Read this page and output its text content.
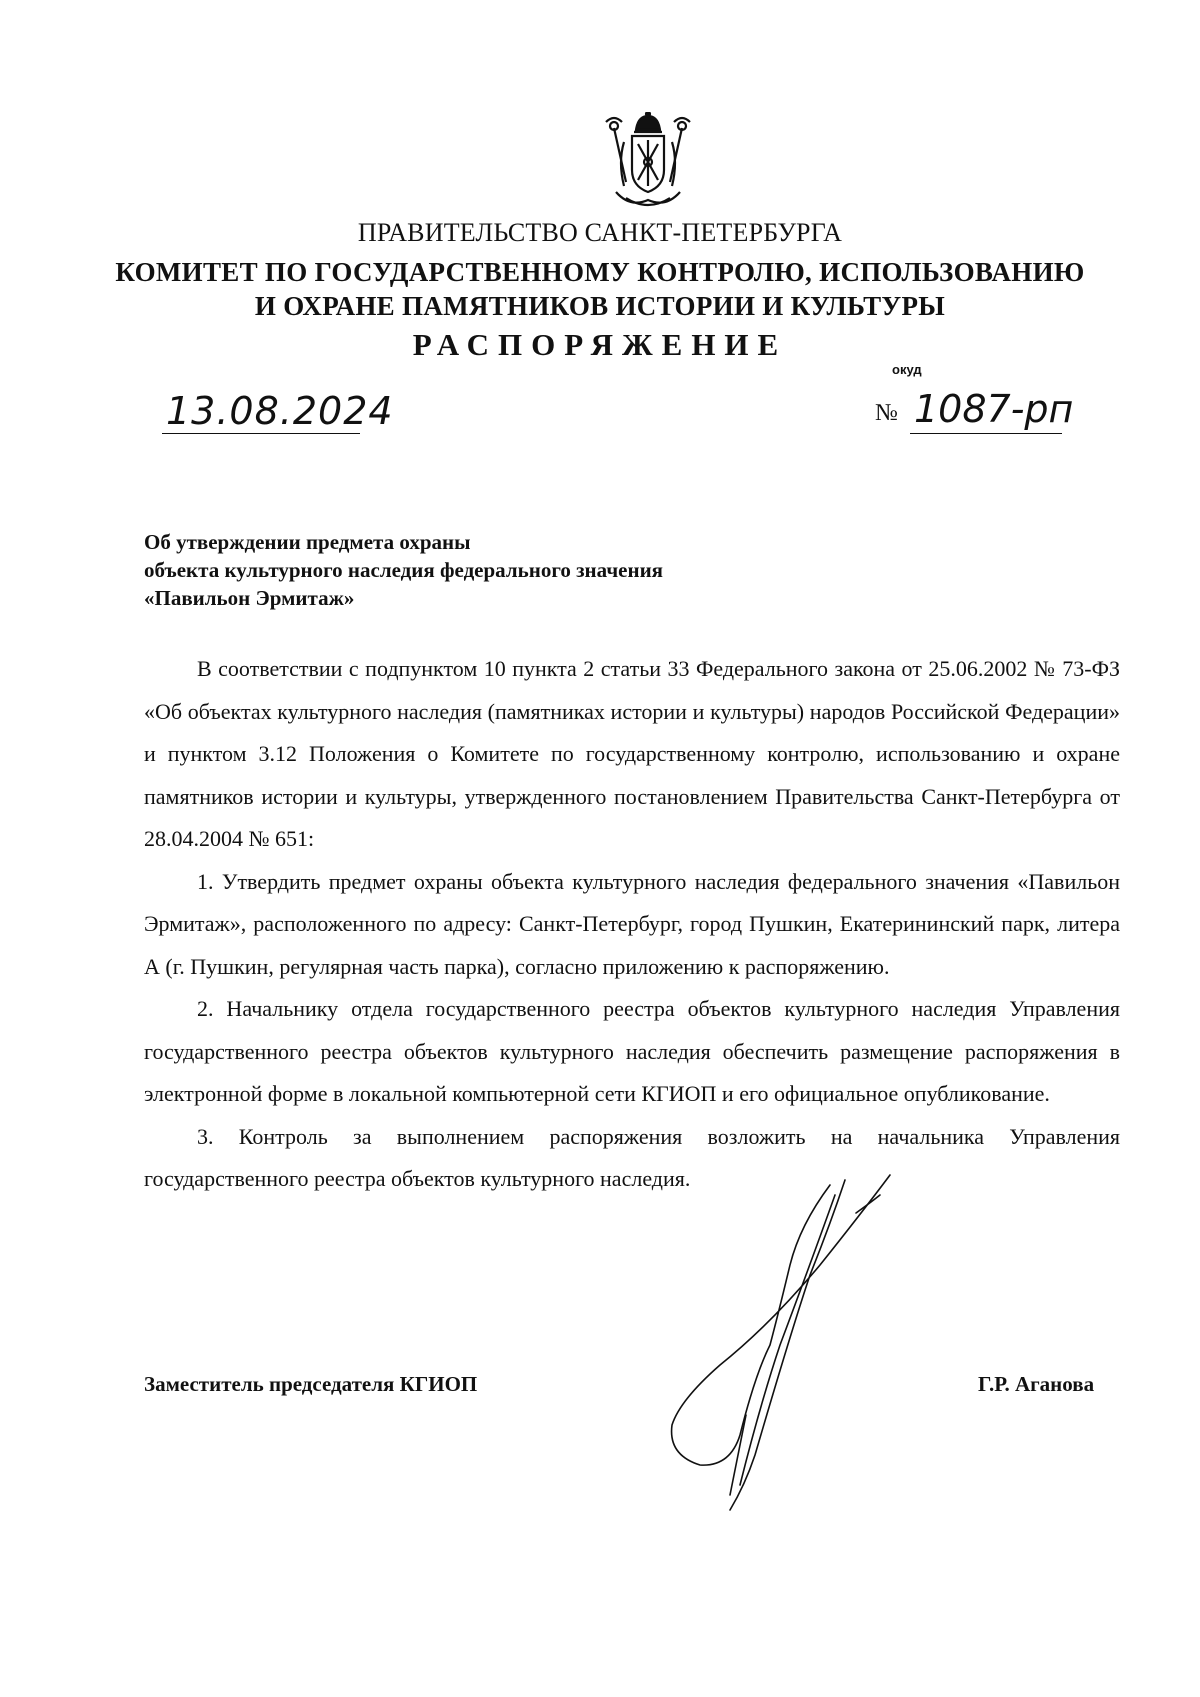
ПРАВИТЕЛЬСТВО САНКТ-ПЕТЕРБУРГА
КОМИТЕТ ПО ГОСУДАРСТВЕННОМУ КОНТРОЛЮ, ИСПОЛЬЗОВАНИЮ
И ОХРАНЕ ПАМЯТНИКОВ ИСТОРИИ И КУЛЬТУРЫ
РАСПОРЯЖЕНИЕ
окуд
13.08.2024	№ 1087-рп
Об утверждении предмета охраны
объекта культурного наследия федерального значения
«Павильон Эрмитаж»

В соответствии с подпунктом 10 пункта 2 статьи 33 Федерального закона от 25.06.2002 № 73-ФЗ «Об объектах культурного наследия (памятниках истории и культуры) народов Российской Федерации» и пунктом 3.12 Положения о Комитете по государственному контролю, использованию и охране памятников истории и культуры, утвержденного постановлением Правительства Санкт-Петербурга от 28.04.2004 № 651:

1. Утвердить предмет охраны объекта культурного наследия федерального значения «Павильон Эрмитаж», расположенного по адресу: Санкт-Петербург, город Пушкин, Екатерининский парк, литера А (г. Пушкин, регулярная часть парка), согласно приложению к распоряжению.

2. Начальнику отдела государственного реестра объектов культурного наследия Управления государственного реестра объектов культурного наследия обеспечить размещение распоряжения в электронной форме в локальной компьютерной сети КГИОП и его официальное опубликование.

3. Контроль за выполнением распоряжения возложить на начальника Управления государственного реестра объектов культурного наследия.

Заместитель председателя КГИОП	Г.Р. Аганова
